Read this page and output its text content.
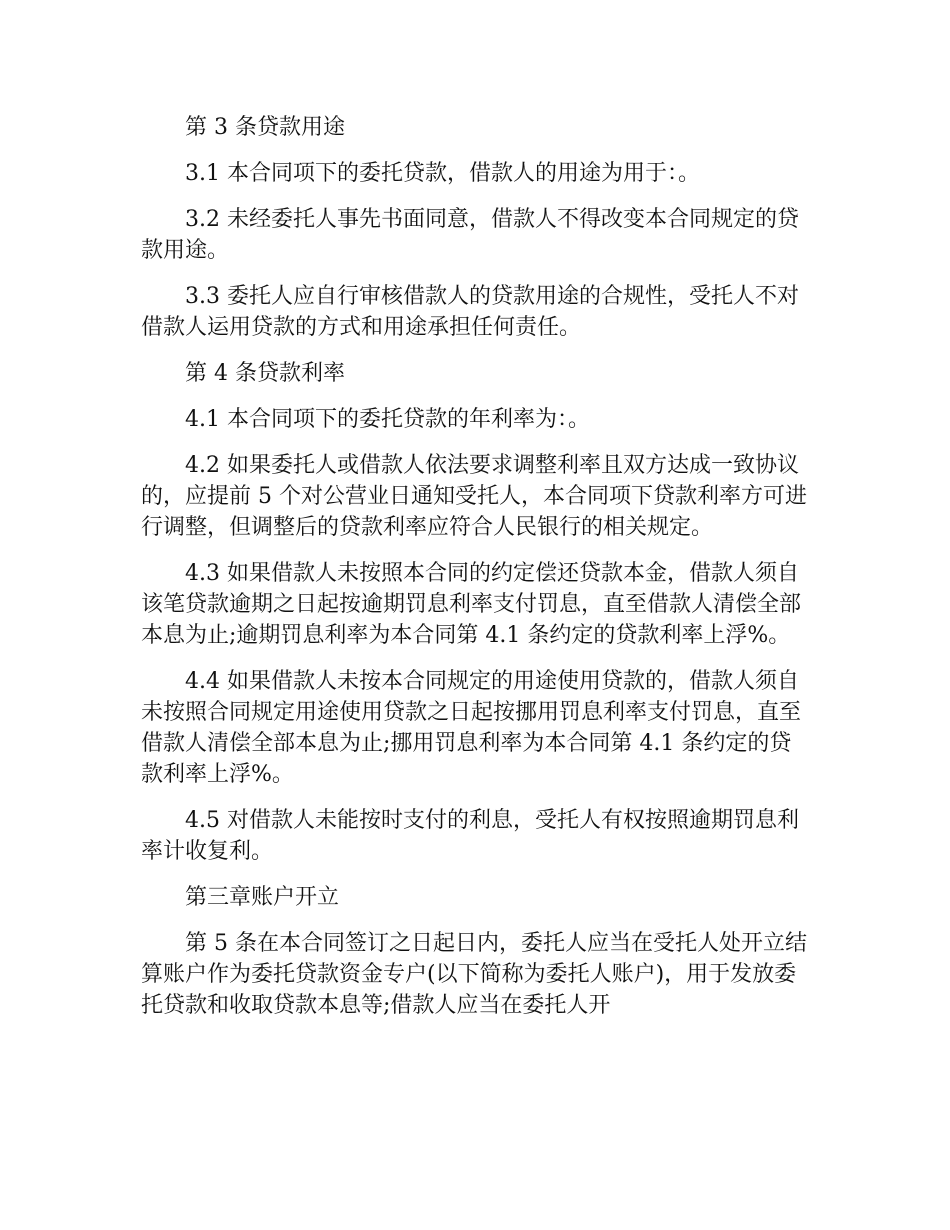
第 3 条贷款用途

3.1 本合同项下的委托贷款，借款人的用途为用于：。

3.2 未经委托人事先书面同意，借款人不得改变本合同规定的贷款用途。

3.3 委托人应自行审核借款人的贷款用途的合规性，受托人不对借款人运用贷款的方式和用途承担任何责任。

第 4 条贷款利率

4.1 本合同项下的委托贷款的年利率为：。

4.2 如果委托人或借款人依法要求调整利率且双方达成一致协议的，应提前 5 个对公营业日通知受托人，本合同项下贷款利率方可进行调整，但调整后的贷款利率应符合人民银行的相关规定。

4.3 如果借款人未按照本合同的约定偿还贷款本金，借款人须自该笔贷款逾期之日起按逾期罚息利率支付罚息，直至借款人清偿全部本息为止;逾期罚息利率为本合同第 4.1 条约定的贷款利率上浮%。

4.4 如果借款人未按本合同规定的用途使用贷款的，借款人须自未按照合同规定用途使用贷款之日起按挪用罚息利率支付罚息，直至借款人清偿全部本息为止;挪用罚息利率为本合同第 4.1 条约定的贷款利率上浮%。

4.5 对借款人未能按时支付的利息，受托人有权按照逾期罚息利率计收复利。

第三章账户开立

第 5 条在本合同签订之日起日内，委托人应当在受托人处开立结算账户作为委托贷款资金专户(以下简称为委托人账户)，用于发放委托贷款和收取贷款本息等;借款人应当在委托人开
